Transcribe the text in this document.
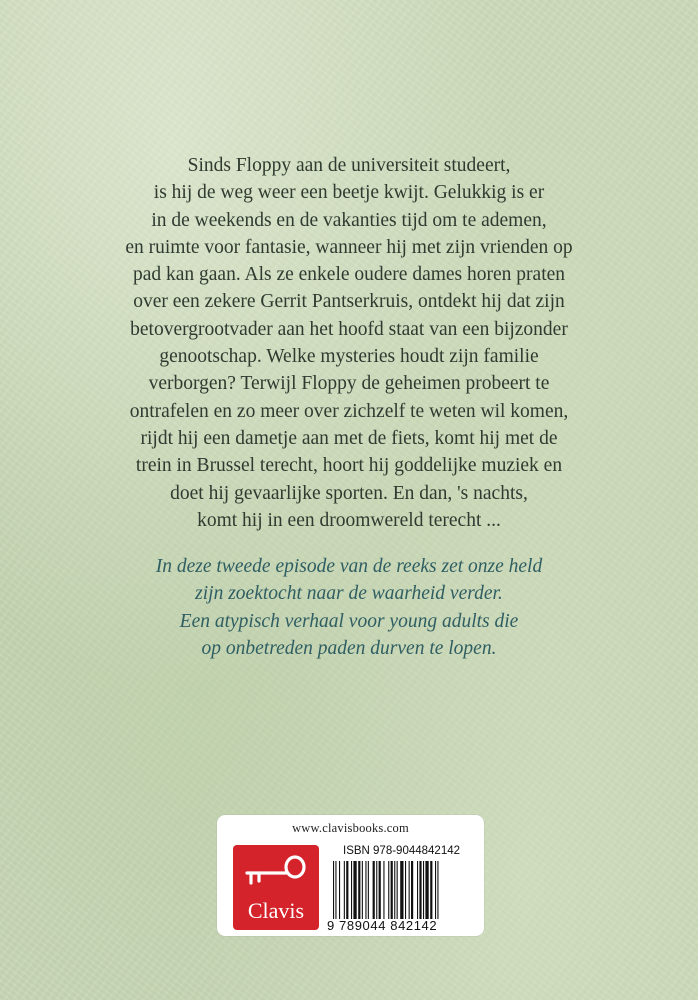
Sinds Floppy aan de universiteit studeert,
is hij de weg weer een beetje kwijt. Gelukkig is er
in de weekends en de vakanties tijd om te ademen,
en ruimte voor fantasie, wanneer hij met zijn vrienden op
pad kan gaan. Als ze enkele oudere dames horen praten
over een zekere Gerrit Pantserkruis, ontdekt hij dat zijn
betovergrootvader aan het hoofd staat van een bijzonder
genootschap. Welke mysteries houdt zijn familie
verborgen? Terwijl Floppy de geheimen probeert te
ontrafelen en zo meer over zichzelf te weten wil komen,
rijdt hij een dametje aan met de fiets, komt hij met de
trein in Brussel terecht, hoort hij goddelijke muziek en
doet hij gevaarlijke sporten. En dan, 's nachts,
komt hij in een droomwereld terecht ...
In deze tweede episode van de reeks zet onze held
zijn zoektocht naar de waarheid verder.
Een atypisch verhaal voor young adults die
op onbetreden paden durven te lopen.
www.clavisbooks.com
Clavis
ISBN 978-9044842142
9 789044 842142
